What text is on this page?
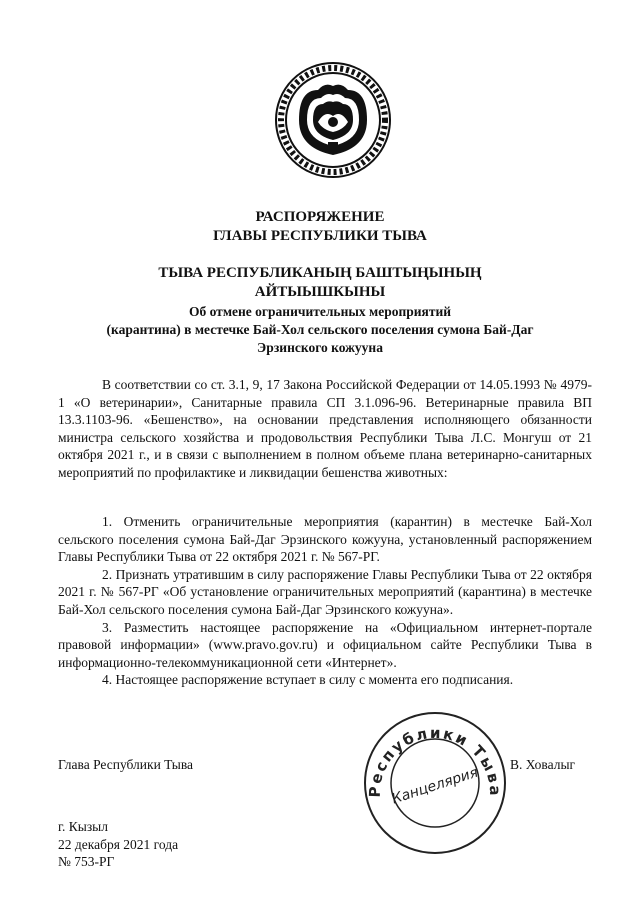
РАСПОРЯЖЕНИЕ
ГЛАВЫ РЕСПУБЛИКИ ТЫВА
ТЫВА РЕСПУБЛИКАНЫҢ БАШТЫҢЫНЫҢ
АЙТЫЫШКЫНЫ
Об отмене ограничительных мероприятий
(карантина) в местечке Бай-Хол сельского поселения сумона Бай-Даг
Эрзинского кожууна

В соответствии со ст. 3.1, 9, 17 Закона Российской Федерации от 14.05.1993 № 4979-1 «О ветеринарии», Санитарные правила СП 3.1.096-96. Ветеринарные правила ВП 13.3.1103-96. «Бешенство», на основании представления исполняющего обязанности министра сельского хозяйства и продовольствия Республики Тыва Л.С. Монгуш от 21 октября 2021 г., и в связи с выполнением в полном объеме плана ветеринарно-санитарных мероприятий по профилактике и ликвидации бешенства животных:

1. Отменить ограничительные мероприятия (карантин) в местечке Бай-Хол сельского поселения сумона Бай-Даг Эрзинского кожууна, установленный распоряжением Главы Республики Тыва от 22 октября 2021 г. № 567-РГ.

2. Признать утратившим в силу распоряжение Главы Республики Тыва от 22 октября 2021 г. № 567-РГ «Об установление ограничительных мероприятий (карантина) в местечке Бай-Хол сельского поселения сумона Бай-Даг Эрзинского кожууна».

3. Разместить настоящее распоряжение на «Официальном интернет-портале правовой информации» (www.pravo.gov.ru) и официальном сайте Республики Тыва в информационно-телекоммуникационной сети «Интернет».

4. Настоящее распоряжение вступает в силу с момента его подписания.

Глава Республики Тыва	В. Ховалыг
Республики Тыва
Канцелярия
г. Кызыл
22 декабря 2021 года
№ 753-РГ
